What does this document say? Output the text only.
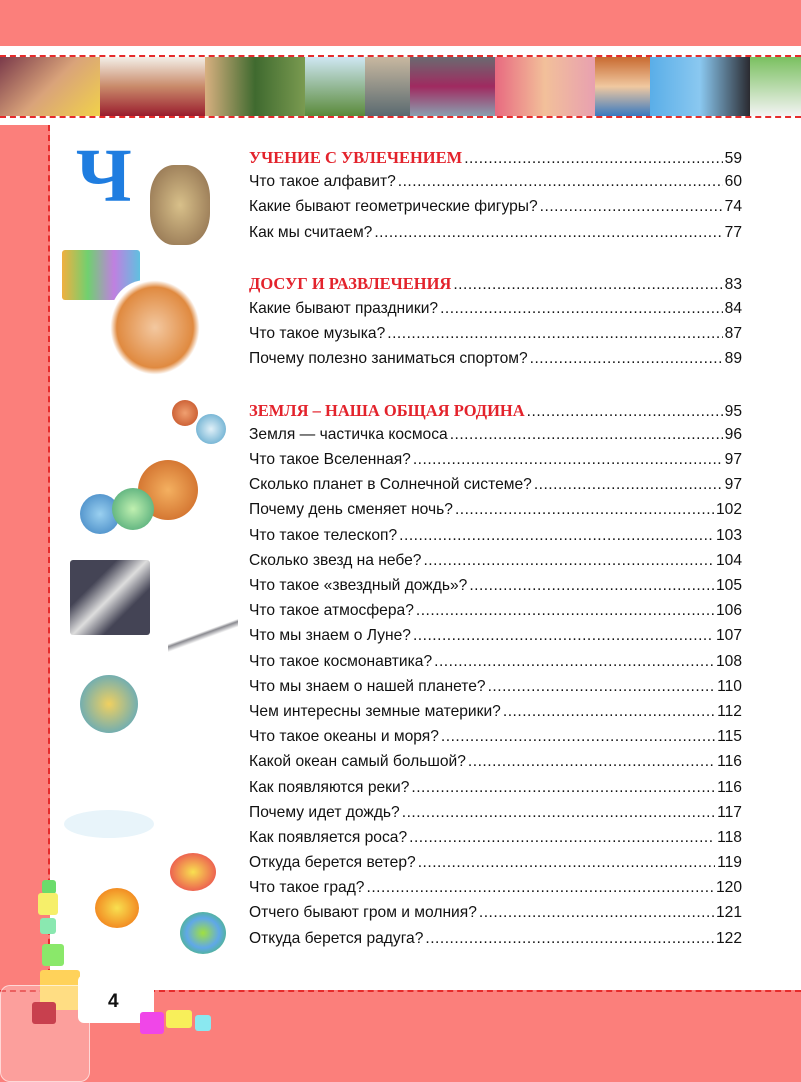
4
Ч	УЧЕНИЕ С УВЛЕЧЕНИЕМ .....	59
Что такое алфавит? .....	60
Какие бывают геометрические фигуры? .....	74
Как мы считаем? .....	77
ДОСУГ И РАЗВЛЕЧЕНИЯ .....	83
Какие бывают праздники? .....	84
Что такое музыка? .....	87
Почему полезно заниматься спортом? .....	89
ЗЕМЛЯ – НАША ОБЩАЯ РОДИНА .....	95
Земля — частичка космоса .....	96
Что такое Вселенная? .....	97
Сколько планет в Солнечной системе? .....	97
Почему день сменяет ночь? .....	102
Что такое телескоп? .....	103
Сколько звезд на небе? .....	104
Что такое «звездный дождь»? .....	105
Что такое атмосфера? .....	106
Что мы знаем о Луне? .....	107
Что такое космонавтика? .....	108
Что мы знаем о нашей планете? .....	110
Чем интересны земные материки? .....	112
Что такое океаны и моря? .....	115
Какой океан самый большой? .....	116
Как появляются реки? .....	116
Почему идет дождь? .....	117
Как появляется роса? .....	118
Откуда берется ветер? .....	119
Что такое град? .....	120
Отчего бывают гром и молния? .....	121
Откуда берется радуга? .....	122
